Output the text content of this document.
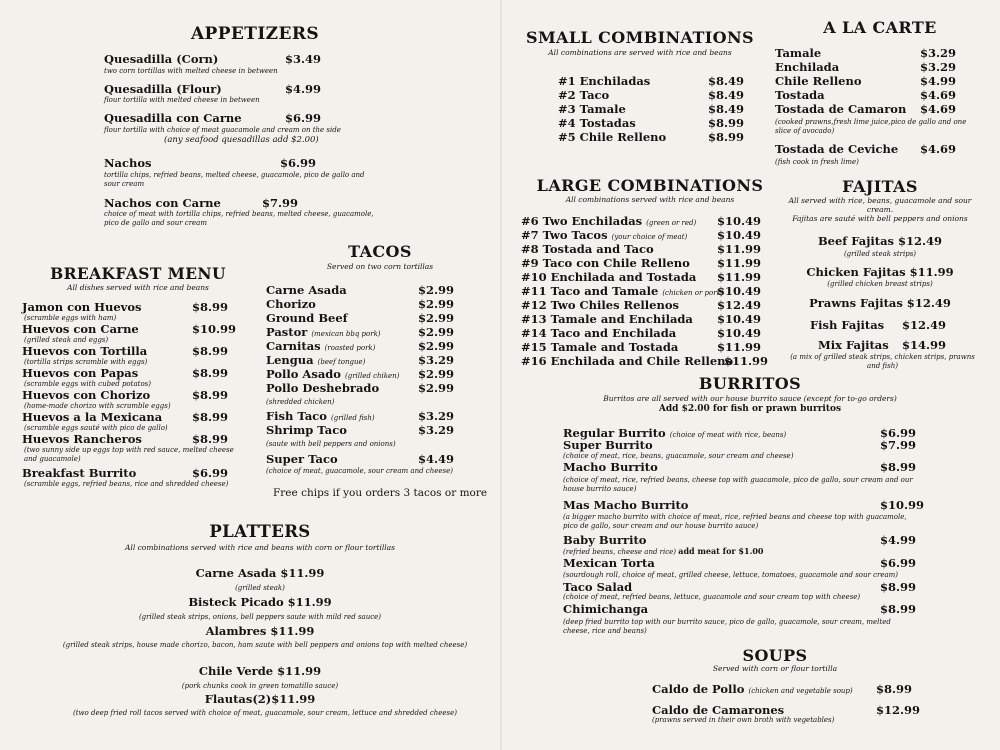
APPETIZERS
Quesadilla (Corn)	$3.49
two corn tortillas with melted cheese in between
Quesadilla (Flour)	$4.99
flour tortilla with melted cheese in between
Quesadilla con Carne	$6.99
flour tortilla with choice of meat guacamole and cream on the side
(any seafood quesadillas add $2.00)
Nachos	$6.99
tortilla chips, refried beans, melted cheese, guacamole, pico de gallo and sour cream
Nachos con Carne	$7.99
choice of meat with tortilla chips, refried beans, melted cheese, guacamole, pico de gallo and sour cream
BREAKFAST MENU
All dishes served with rice and beans
Jamon con Huevos	$8.99
(scramble eggs with ham)
Huevos con Carne	$10.99
(grilled steak and eggs)
Huevos con Tortilla	$8.99
(tortilla strips scramble with eggs)
Huevos con Papas	$8.99
(scramble eggs with cubed potatos)
Huevos con Chorizo	$8.99
(home-made chorizo with scramble eggs)
Huevos a la Mexicana	$8.99
(scramble eggs sauté with pico de gallo)
Huevos Rancheros	$8.99
(two sunny side up eggs top with red sauce, melted cheese and guacamole)
Breakfast Burrito	$6.99
(scramble eggs, refried beans, rice and shredded cheese)
TACOS
Served on two corn tortillas
Carne Asada	$2.99
Chorizo	$2.99
Ground Beef	$2.99
Pastor (mexican bbq pork)	$2.99
Carnitas (roasted pork)	$2.99
Lengua (beef tongue)	$3.29
Pollo Asado (grilled chiken) $2.99
Pollo Deshebrado	$2.99
(shredded chicken)
Fish Taco (grilled fish)	$3.29
Shrimp Taco	$3.29
(saute with bell peppers and onions)
Super Taco	$4.49
(choice of meat, guacamole, sour cream and cheese)
Free chips if you orders 3 tacos or more
PLATTERS
All combinations served with rice and beans with corn or flour tortillas
Carne Asada $11.99
(grilled steak)
Bisteck Picado $11.99
(grilled steak strips, onions, bell peppers saute with mild red sauce)
Alambres $11.99
(grilled steak strips, house made chorizo, bacon, ham saute with bell peppers and onions top with melted cheese)
Chile Verde $11.99
(pork chunks cook in green tomatillo sauce)
Flautas(2)$11.99
(two deep fried roll tacos served with choice of meat, guacamole, sour cream, lettuce and shredded cheese)
SMALL COMBINATIONS
All combinations are served with rice and beans
#1 Enchiladas	$8.49
#2 Taco	$8.49
#3 Tamale	$8.49
#4 Tostadas	$8.99
#5 Chile Relleno	$8.99
LARGE COMBINATIONS
All combinations served with rice and beans
#6 Two Enchiladas (green or red) $10.49
#7 Two Tacos (your choice of meat)	$10.49
#8 Tostada and Taco	$11.99
#9 Taco con Chile Relleno $11.99
#10 Enchilada and Tostada $11.99
#11 Taco and Tamale (chicken or pork)
$10.49
#12 Two Chiles Rellenos	$12.49
#13 Tamale and Enchilada $10.49
#14 Taco and Enchilada	$10.49
#15 Tamale and Tostada	$11.99
#16 Enchilada and Chile Relleno
$11.99
A LA CARTE
Tamale	$3.29
Enchilada	$3.29
Chile Relleno	$4.99
Tostada	$4.69
Tostada de Camaron $4.69
(cooked prawns,fresh lime juice,pico de gallo and one slice of avocado)
Tostada de Ceviche $4.69
(fish cook in fresh lime)
FAJITAS
All served with rice, beans, guacamole and sour cream.
Fajitas are sauté with bell peppers and onions
Beef Fajitas $12.49
(grilled steak strips)
Chicken Fajitas $11.99
(grilled chicken breast strips)
Prawns Fajitas $12.49
Fish Fajitas $12.49
Mix Fajitas $14.99
(a mix of grilled steak strips, chicken strips, prawns and fish)
BURRITOS
Burritos are all served with our house burrito sauce (except for to-go orders)
Add $2.00 for fish or prawn burritos
Regular Burrito (choice of meat with rice, beans)	$6.99
Super Burrito	$7.99
(choice of meat, rice, beans, guacamole, sour cream and cheese)
Macho Burrito	$8.99
(choice of meat, rice, refried beans, cheese top with guacamole, pico de gallo, sour cream and our house burrito sauce)
Mas Macho Burrito	$10.99
(a bigger macho burrito with choice of meat, rice, refried beans and cheese top with guacamole, pico de gallo, sour cream and our house burrito sauce)
Baby Burrito	$4.99
(refried beans, cheese and rice) add meat for $1.00
Mexican Torta	$6.99
(sourdough roll, choice of meat, grilled cheese, lettuce, tomatoes, guacamole and sour cream)
Taco Salad	$8.99
(choice of meat, refried beans, lettuce, guacamole and sour cream top with cheese)
Chimichanga	$8.99
(deep fried burrito top with our burrito sauce, pico de gallo, guacamole, sour cream, melted cheese, rice and beans)
SOUPS
Served with corn or flour tortilla
Caldo de Pollo (chicken and vegetable soup) $8.99
Caldo de Camarones	$12.99
(prawns served in their own broth with vegetables)
